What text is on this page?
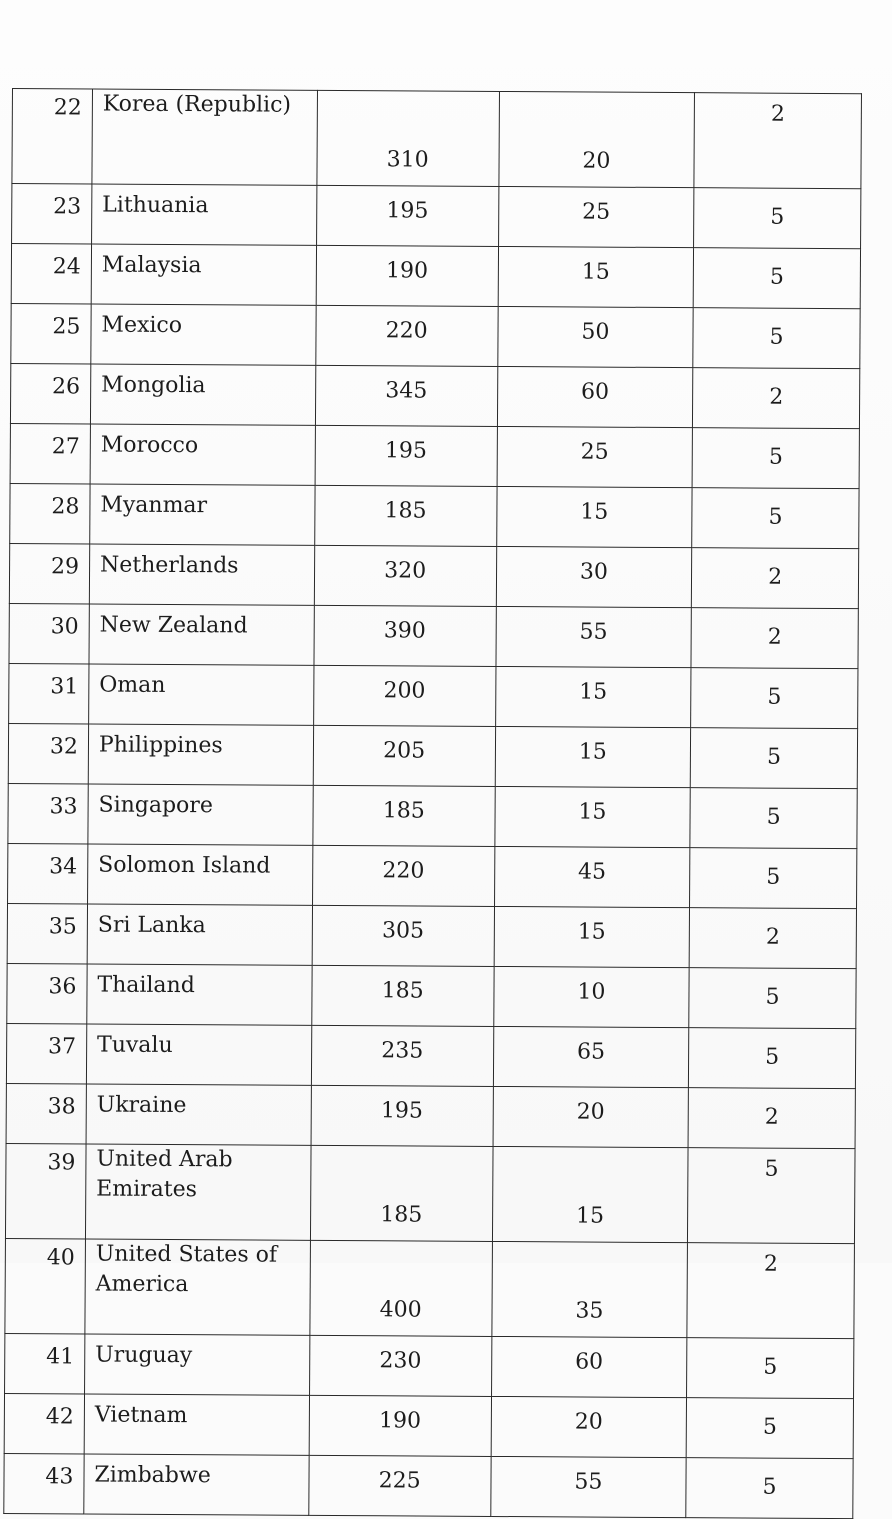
22	Korea (Republic)	310	20	2
23	Lithuania	195	25	5
24	Malaysia	190	15	5
25	Mexico	220	50	5
26	Mongolia	345	60	2
27	Morocco	195	25	5
28	Myanmar	185	15	5
29	Netherlands	320	30	2
30	New Zealand	390	55	2
31	Oman	200	15	5
32	Philippines	205	15	5
33	Singapore	185	15	5
34	Solomon Island	220	45	5
35	Sri Lanka	305	15	2
36	Thailand	185	10	5
37	Tuvalu	235	65	5
38	Ukraine	195	20	2
39	United Arab Emirates	185	15	5
40	United States of America	400	35	2
41	Uruguay	230	60	5
42	Vietnam	190	20	5
43	Zimbabwe	225	55	5
